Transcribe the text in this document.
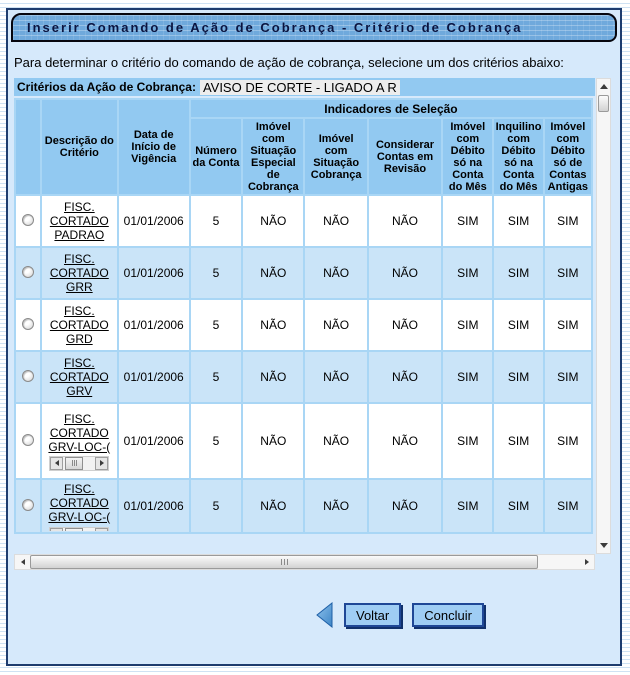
Inserir Comando de Ação de Cobrança - Critério de Cobrança
Para determinar o critério do comando de ação de cobrança, selecione um dos critérios abaixo:
Critérios da Ação de Cobrança: AVISO DE CORTE - LIGADO A R
	Descrição do Critério	Data de Início de Vigência	Indicadores de Seleção						
			Número da Conta	Imóvel com Situação Especial de Cobrança	Imóvel com Situação Cobrança	Considerar Contas em Revisão	Imóvel com Débito só na Conta do Mês	Inquilino com Débito só na Conta do Mês	Imóvel com Débito só de Contas Antigas
	FISC. CORTADO PADRAO	01/01/2006	5	NÃO	NÃO	NÃO	SIM	SIM	SIM
	FISC. CORTADO GRR	01/01/2006	5	NÃO	NÃO	NÃO	SIM	SIM	SIM
	FISC. CORTADO GRD	01/01/2006	5	NÃO	NÃO	NÃO	SIM	SIM	SIM
	FISC. CORTADO GRV	01/01/2006	5	NÃO	NÃO	NÃO	SIM	SIM	SIM
	FISC. CORTADO GRV-LOC-(	01/01/2006	5	NÃO	NÃO	NÃO	SIM	SIM	SIM
	FISC. CORTADO GRV-LOC-(	01/01/2006	5	NÃO	NÃO	NÃO	SIM	SIM	SIM
Voltar	Concluir
